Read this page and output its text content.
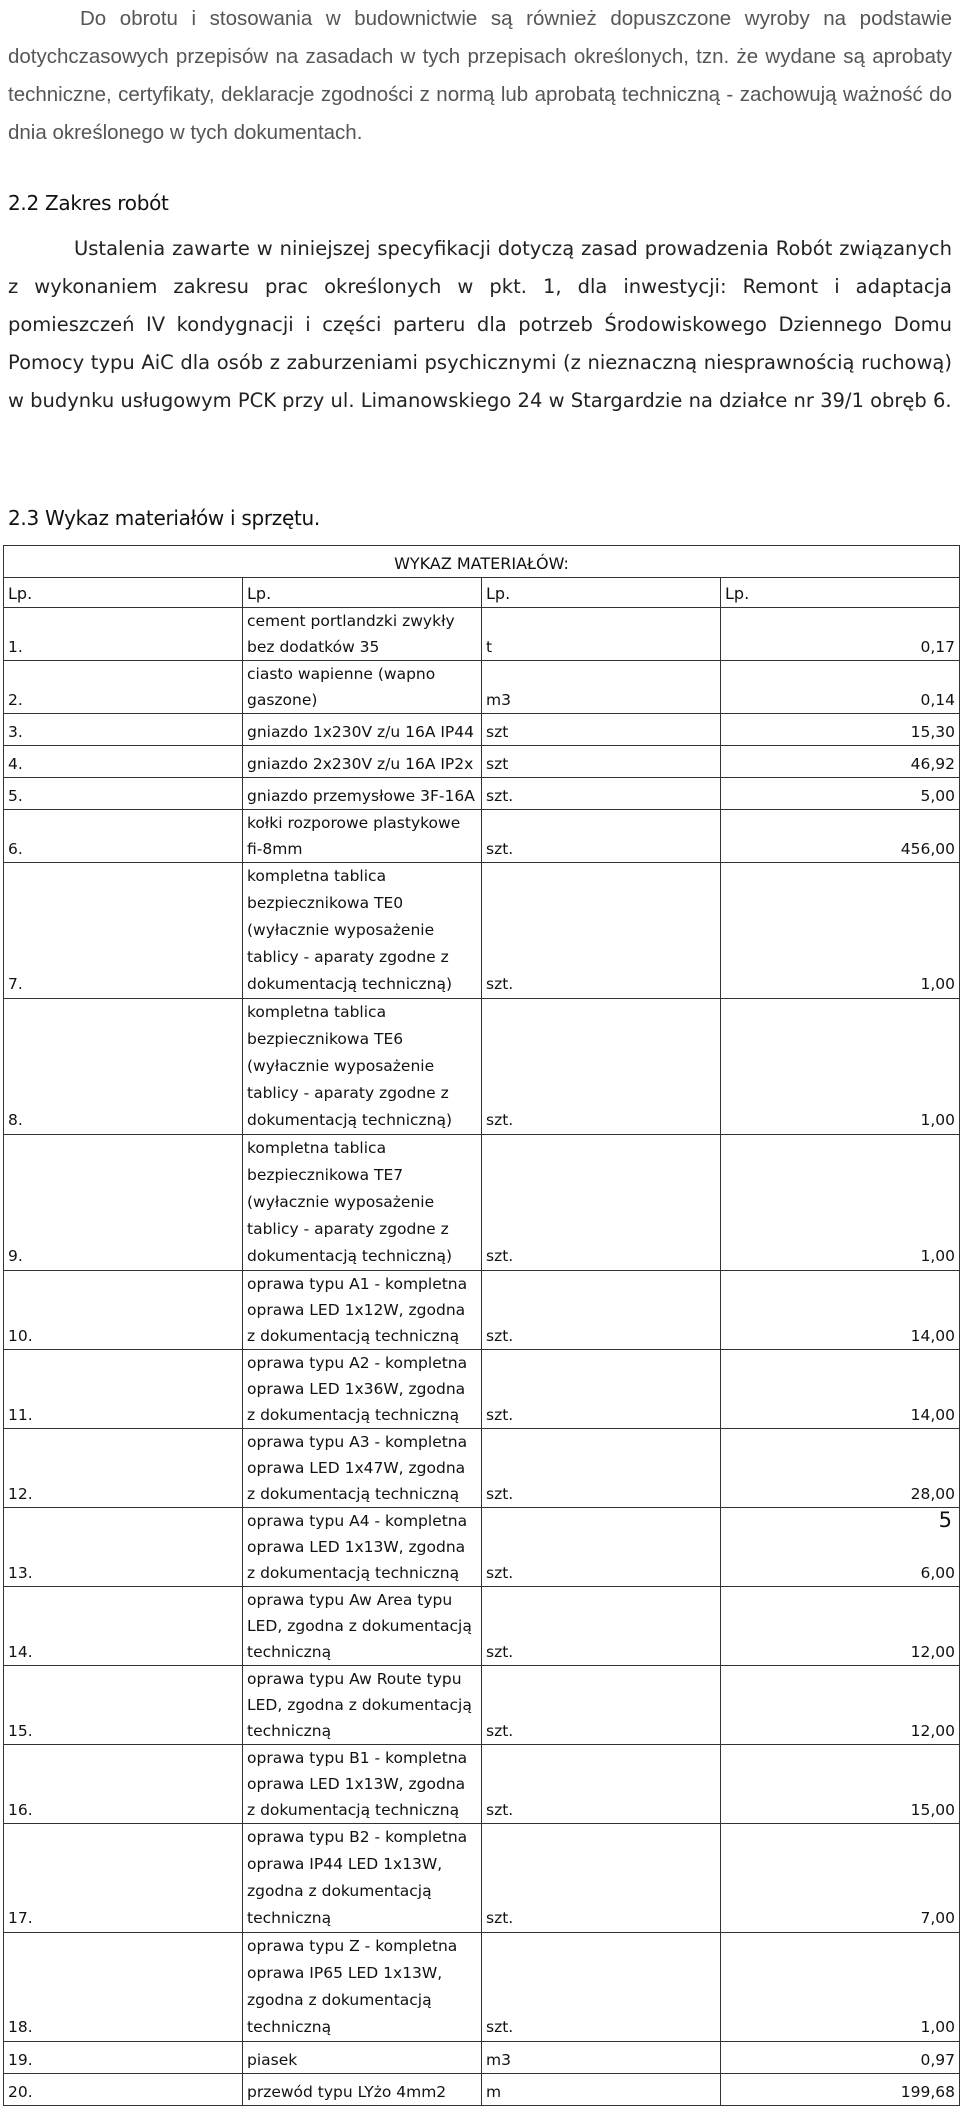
Do obrotu i stosowania w budownictwie są również dopuszczone wyroby na podstawie dotychczasowych przepisów na zasadach w tych przepisach określonych, tzn. że wydane są aprobaty techniczne, certyfikaty, deklaracje zgodności z normą lub aprobatą techniczną - zachowują ważność do dnia określonego w tych dokumentach.
2.2 Zakres robót
Ustalenia zawarte w niniejszej specyfikacji dotyczą zasad prowadzenia Robót związanych z wykonaniem zakresu prac określonych w pkt. 1, dla inwestycji: Remont i adaptacja pomieszczeń IV kondygnacji i części parteru dla potrzeb Środowiskowego Dziennego Domu Pomocy typu AiC dla osób z zaburzeniami psychicznymi (z nieznaczną niesprawnością ruchową) w budynku usługowym PCK przy ul. Limanowskiego 24 w Stargardzie na działce nr 39/1 obręb 6.
2.3 Wykaz materiałów i sprzętu.
WYKAZ MATERIAŁÓW:			
Lp.	Lp.	Lp.	Lp.
1.	cement portlandzki zwykły bez dodatków 35	t	0,17
2.	ciasto wapienne (wapno gaszone)	m3	0,14
3.	gniazdo 1x230V z/u 16A IP44	szt	15,30
4.	gniazdo 2x230V z/u 16A IP2x	szt	46,92
5.	gniazdo przemysłowe 3F-16A	szt.	5,00
6.	kołki rozporowe plastykowe fi-8mm	szt.	456,00
7.	kompletna tablica bezpiecznikowa TE0 (wyłacznie wyposażenie tablicy - aparaty zgodne z dokumentacją techniczną)	szt.	1,00
8.	kompletna tablica bezpiecznikowa TE6 (wyłacznie wyposażenie tablicy - aparaty zgodne z dokumentacją techniczną)	szt.	1,00
9.	kompletna tablica bezpiecznikowa TE7 (wyłacznie wyposażenie tablicy - aparaty zgodne z dokumentacją techniczną)	szt.	1,00
10.	oprawa typu A1 - kompletna oprawa LED 1x12W, zgodna z dokumentacją techniczną	szt.	14,00
11.	oprawa typu A2 - kompletna oprawa LED 1x36W, zgodna z dokumentacją techniczną	szt.	14,00
12.	oprawa typu A3 - kompletna oprawa LED 1x47W, zgodna z dokumentacją techniczną	szt.	28,00
13.	oprawa typu A4 - kompletna oprawa LED 1x13W, zgodna z dokumentacją techniczną	szt.	6,00
14.	oprawa typu Aw Area typu LED, zgodna z dokumentacją techniczną	szt.	12,00
15.	oprawa typu Aw Route typu LED, zgodna z dokumentacją techniczną	szt.	12,00
16.	oprawa typu B1 - kompletna oprawa LED 1x13W, zgodna z dokumentacją techniczną	szt.	15,00
17.	oprawa typu B2 - kompletna oprawa IP44 LED 1x13W, zgodna z dokumentacją techniczną	szt.	7,00
18.	oprawa typu Z - kompletna oprawa IP65 LED 1x13W, zgodna z dokumentacją techniczną	szt.	1,00
19.	piasek	m3	0,97
20.	przewód typu LYżo 4mm2	m	199,68
5
